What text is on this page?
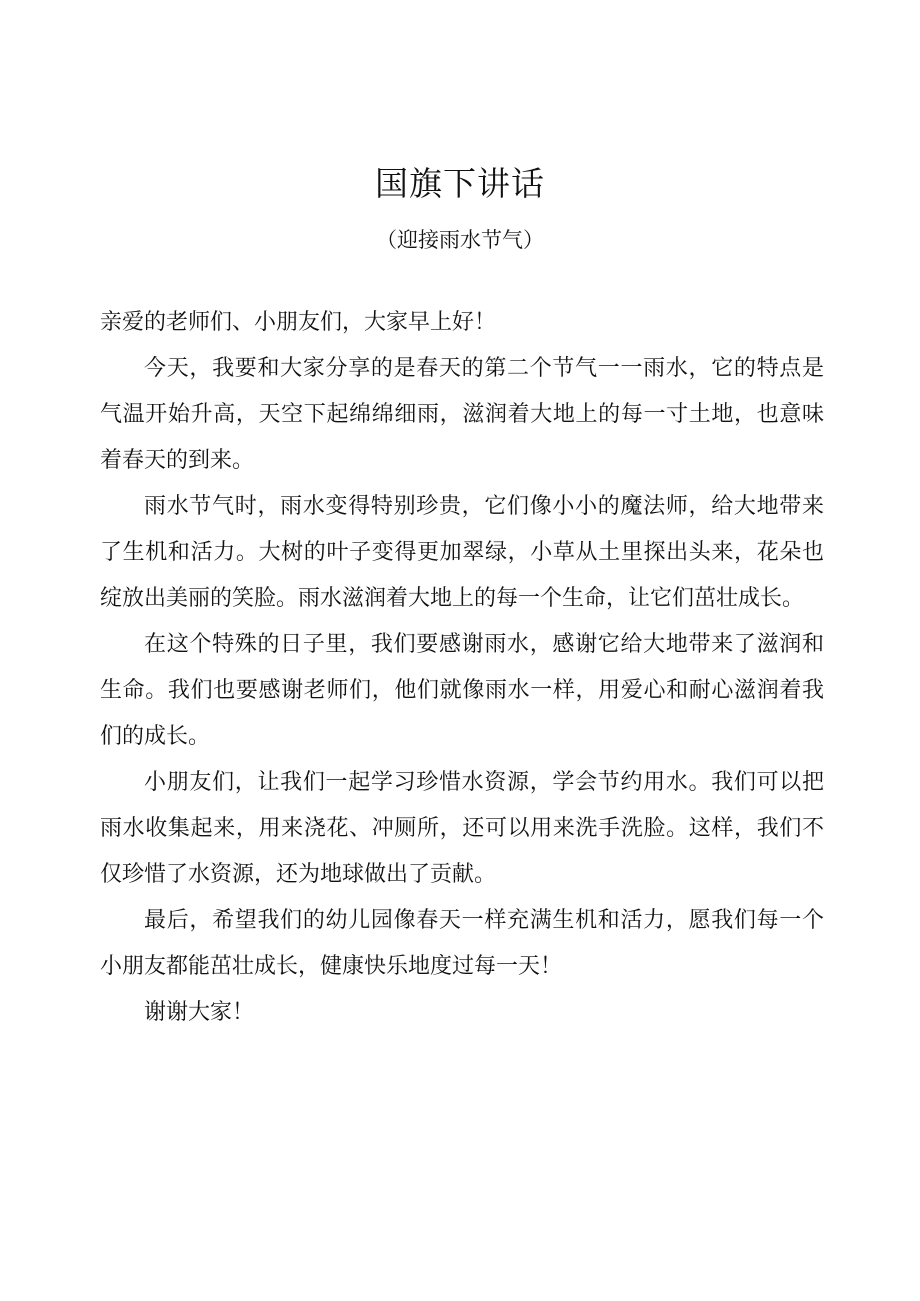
国旗下讲话
（迎接雨水节气）

亲爱的老师们、小朋友们，大家早上好！

今天，我要和大家分享的是春天的第二个节气一一雨水，它的特点是气温开始升高，天空下起绵绵细雨，滋润着大地上的每一寸土地，也意味着春天的到来。

雨水节气时，雨水变得特别珍贵，它们像小小的魔法师，给大地带来了生机和活力。大树的叶子变得更加翠绿，小草从土里探出头来，花朵也绽放出美丽的笑脸。雨水滋润着大地上的每一个生命，让它们茁壮成长。

在这个特殊的日子里，我们要感谢雨水，感谢它给大地带来了滋润和生命。我们也要感谢老师们，他们就像雨水一样，用爱心和耐心滋润着我们的成长。

小朋友们，让我们一起学习珍惜水资源，学会节约用水。我们可以把雨水收集起来，用来浇花、冲厕所，还可以用来洗手洗脸。这样，我们不仅珍惜了水资源，还为地球做出了贡献。

最后，希望我们的幼儿园像春天一样充满生机和活力，愿我们每一个小朋友都能茁壮成长，健康快乐地度过每一天！

谢谢大家！
